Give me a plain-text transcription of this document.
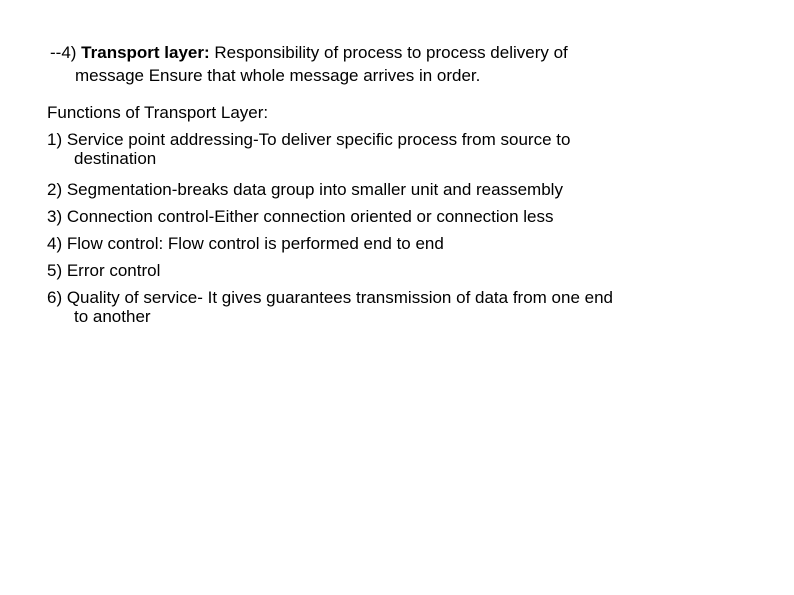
--4) Transport layer: Responsibility of process to process delivery of
message Ensure that whole message arrives in order.
Functions of Transport Layer:
1) Service point addressing-To deliver specific process from source to
destination
2) Segmentation-breaks data group into smaller unit and reassembly
3) Connection control-Either connection oriented or connection less
4) Flow control: Flow control is performed end to end
5) Error control
6) Quality of service- It gives guarantees transmission of data from one end
to another
